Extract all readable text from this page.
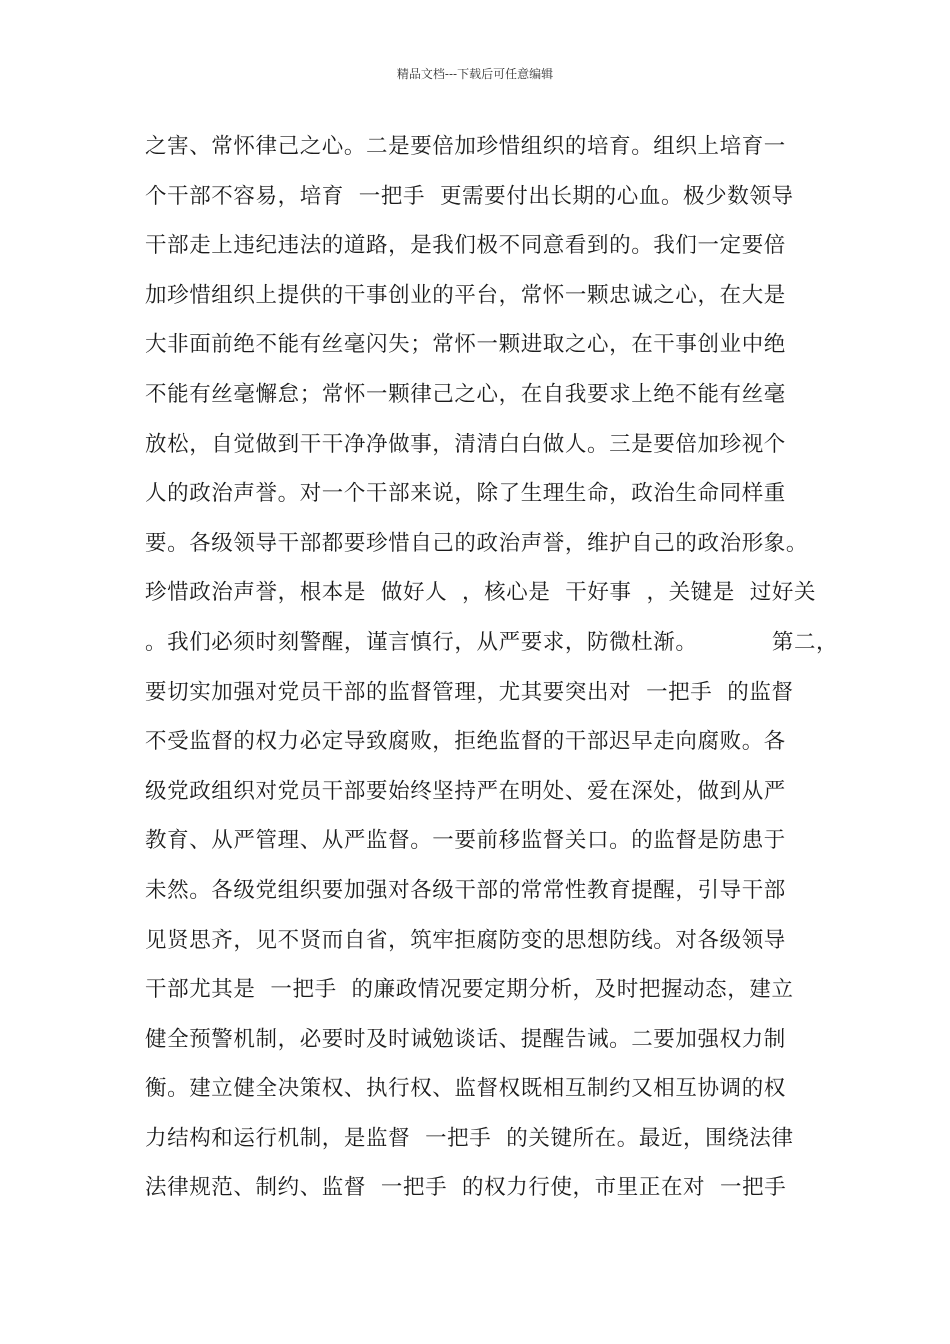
精品文档---下载后可任意编辑
之害、常怀律己之心。二是要倍加珍惜组织的培育。组织上培育一
个干部不容易，培育  一把手  更需要付出长期的心血。极少数领导
干部走上违纪违法的道路，是我们极不同意看到的。我们一定要倍
加珍惜组织上提供的干事创业的平台，常怀一颗忠诚之心，在大是
大非面前绝不能有丝毫闪失；常怀一颗进取之心，在干事创业中绝
不能有丝毫懈怠；常怀一颗律己之心，在自我要求上绝不能有丝毫
放松，自觉做到干干净净做事，清清白白做人。三是要倍加珍视个
人的政治声誉。对一个干部来说，除了生理生命，政治生命同样重
要。各级领导干部都要珍惜自己的政治声誉，维护自己的政治形象。
珍惜政治声誉，根本是  做好人  ，核心是  干好事  ，关键是  过好关
。我们必须时刻警醒，谨言慎行，从严要求，防微杜渐。          第二，
要切实加强对党员干部的监督管理，尤其要突出对  一把手  的监督
不受监督的权力必定导致腐败，拒绝监督的干部迟早走向腐败。各
级党政组织对党员干部要始终坚持严在明处、爱在深处，做到从严
教育、从严管理、从严监督。一要前移监督关口。的监督是防患于
未然。各级党组织要加强对各级干部的常常性教育提醒，引导干部
见贤思齐，见不贤而自省，筑牢拒腐防变的思想防线。对各级领导
干部尤其是  一把手  的廉政情况要定期分析，及时把握动态，建立
健全预警机制，必要时及时诫勉谈话、提醒告诫。二要加强权力制
衡。建立健全决策权、执行权、监督权既相互制约又相互协调的权
力结构和运行机制，是监督  一把手  的关键所在。最近，围绕法律
法律规范、制约、监督  一把手  的权力行使，市里正在对  一把手
